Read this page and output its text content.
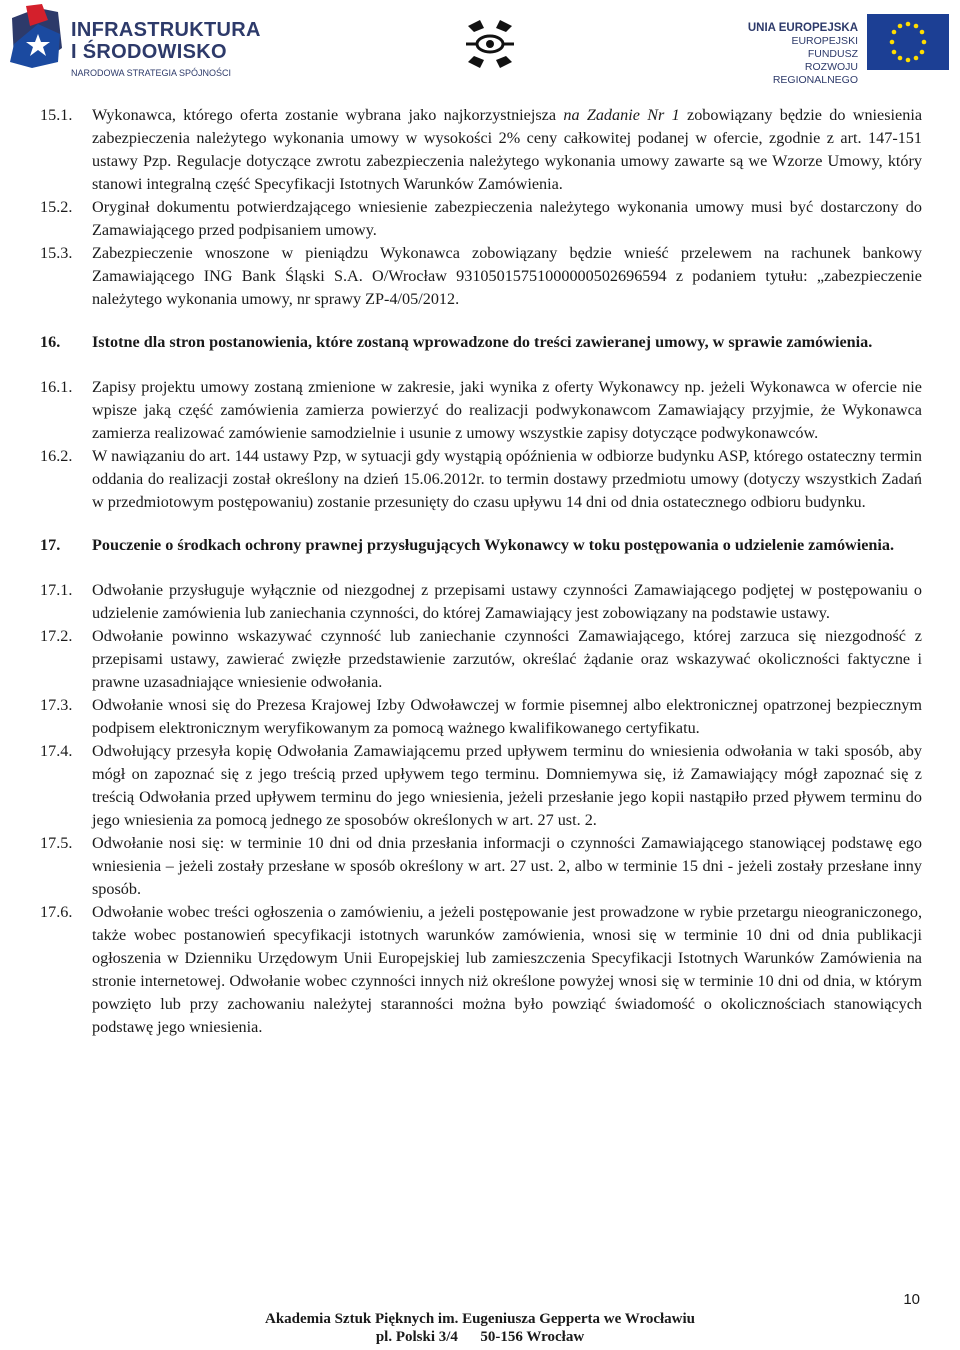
INFRASTRUKTURA
I ŚRODOWISKO
NARODOWA STRATEGIA SPÓJNOŚCI
UNIA EUROPEJSKA
EUROPEJSKI FUNDUSZ
ROZWOJU REGIONALNEGO
15.1.	Wykonawca, którego oferta zostanie wybrana jako najkorzystniejsza na Zadanie Nr 1 zobowiązany będzie do wniesienia zabezpieczenia należytego wykonania umowy w wysokości 2% ceny całkowitej podanej w ofercie, zgodnie z art. 147-151 ustawy Pzp. Regulacje dotyczące zwrotu zabezpieczenia należytego wykonania umowy zawarte są we Wzorze Umowy, który stanowi integralną część Specyfikacji Istotnych Warunków Zamówienia.
15.2.	Oryginał dokumentu potwierdzającego wniesienie zabezpieczenia należytego wykonania umowy musi być dostarczony do Zamawiającego przed podpisaniem umowy.
15.3.	Zabezpieczenie wnoszone w pieniądzu Wykonawca zobowiązany będzie wnieść przelewem na rachunek bankowy Zamawiającego ING Bank Śląski S.A. O/Wrocław 93105015751000000502696594 z podaniem tytułu: „zabezpieczenie należytego wykonania umowy, nr sprawy ZP-4/05/2012.
16.	Istotne dla stron postanowienia, które zostaną wprowadzone do treści zawieranej umowy, w sprawie zamówienia.
16.1.	Zapisy projektu umowy zostaną zmienione w zakresie, jaki wynika z oferty Wykonawcy np. jeżeli Wykonawca w ofercie nie wpisze jaką część zamówienia zamierza powierzyć do realizacji podwykonawcom Zamawiający przyjmie, że Wykonawca zamierza realizować zamówienie samodzielnie i usunie z umowy wszystkie zapisy dotyczące podwykonawców.
16.2.	W nawiązaniu do art. 144 ustawy Pzp, w sytuacji gdy wystąpią opóźnienia w odbiorze budynku ASP, którego ostateczny termin oddania do realizacji został określony na dzień 15.06.2012r. to termin dostawy przedmiotu umowy (dotyczy wszystkich Zadań w przedmiotowym postępowaniu) zostanie przesunięty do czasu upływu 14 dni od dnia ostatecznego odbioru budynku.
17.	Pouczenie o środkach ochrony prawnej przysługujących Wykonawcy w toku postępowania o udzielenie zamówienia.
17.1.	Odwołanie przysługuje wyłącznie od niezgodnej z przepisami ustawy czynności Zamawiającego podjętej w postępowaniu o udzielenie zamówienia lub zaniechania czynności, do której Zamawiający jest zobowiązany na podstawie ustawy.
17.2.	Odwołanie powinno wskazywać czynność lub zaniechanie czynności Zamawiającego, której zarzuca się niezgodność z przepisami ustawy, zawierać zwięzłe przedstawienie zarzutów, określać żądanie oraz wskazywać okoliczności faktyczne i prawne uzasadniające wniesienie odwołania.
17.3.	Odwołanie wnosi się do Prezesa Krajowej Izby Odwoławczej w formie pisemnej albo elektronicznej opatrzonej bezpiecznym podpisem elektronicznym weryfikowanym za pomocą ważnego kwalifikowanego certyfikatu.
17.4.	Odwołujący przesyła kopię Odwołania Zamawiającemu przed upływem terminu do wniesienia odwołania w taki sposób, aby mógł on zapoznać się z jego treścią przed upływem tego terminu. Domniemywa się, iż Zamawiający mógł zapoznać się z treścią Odwołania przed upływem terminu do jego wniesienia, jeżeli przesłanie jego kopii nastąpiło przed pływem terminu do jego wniesienia za pomocą jednego ze sposobów określonych w art. 27 ust. 2.
17.5.	Odwołanie nosi się: w terminie 10 dni od dnia przesłania informacji o czynności Zamawiającego stanowiącej podstawę ego wniesienia – jeżeli zostały przesłane w sposób określony w art. 27 ust. 2, albo w terminie 15 dni - jeżeli zostały przesłane inny sposób.
17.6.	Odwołanie wobec treści ogłoszenia o zamówieniu, a jeżeli postępowanie jest prowadzone w rybie przetargu nieograniczonego, także wobec postanowień specyfikacji istotnych warunków zamówienia, wnosi się w terminie 10 dni od dnia publikacji ogłoszenia w Dzienniku Urzędowym Unii Europejskiej lub zamieszczenia Specyfikacji Istotnych Warunków Zamówienia na stronie internetowej. Odwołanie wobec czynności innych niż określone powyżej wnosi się w terminie 10 dni od dnia, w którym powzięto lub przy zachowaniu należytej staranności można było powziąć świadomość o okolicznościach stanowiących podstawę jego wniesienia.
10
Akademia Sztuk Pięknych im. Eugeniusza Gepperta we Wrocławiu
pl. Polski 3/4      50-156 Wrocław
